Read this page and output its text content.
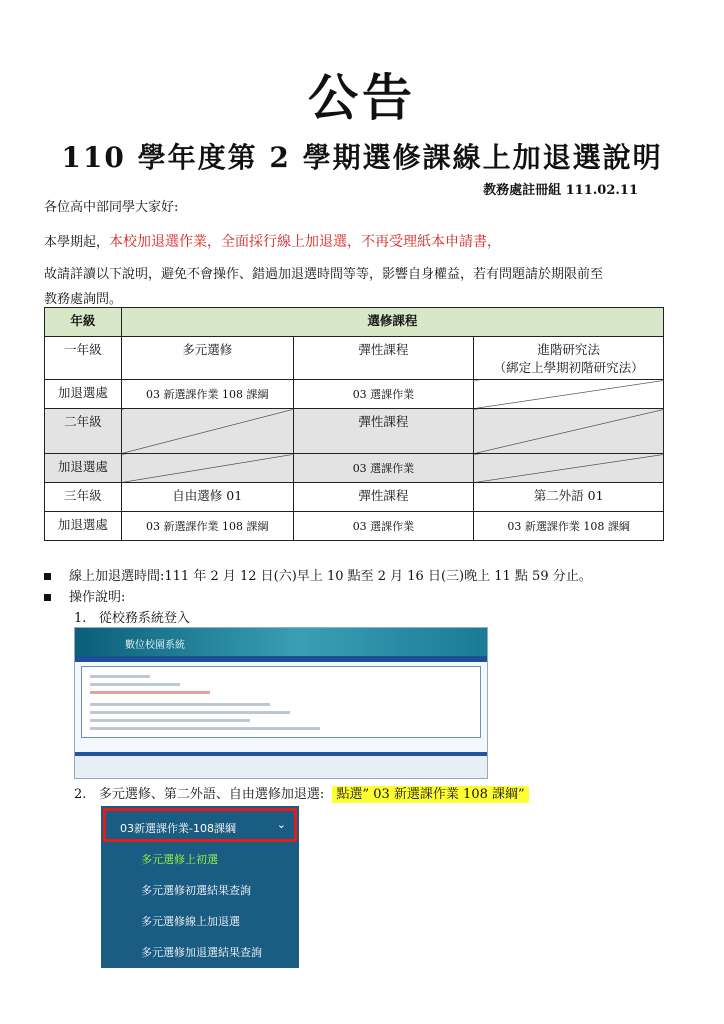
公告
110 學年度第 2 學期選修課線上加退選說明
教務處註冊組 111.02.11
各位高中部同學大家好:
本學期起，本校加退選作業，全面採行線上加退選，不再受理紙本申請書，
故請詳讀以下說明，避免不會操作、錯過加退選時間等等，影響自身權益，若有問題請於期限前至
教務處詢問。
年級	選修課程		
一年級	多元選修	彈性課程	進階研究法
（綁定上學期初階研究法）

加退選處	03 新選課作業 108 課綱	03 選課作業	
二年級		彈性課程	
加退選處		03 選課作業	
三年級	自由選修 01	彈性課程	第二外語 01
加退選處	03 新選課作業 108 課綱	03 選課作業	03 新選課作業 108 課綱
線上加退選時間:111 年 2 月 12 日(六)早上 10 點至 2 月 16 日(三)晚上 11 點 59 分止。
操作說明:
1. 從校務系統登入
數位校園系統
2. 多元選修、第二外語、自由選修加退選: 點選” 03 新選課作業 108 課綱”
03新選課作業-108課綱	⌄
多元選修上初選
多元選修初選結果查詢
多元選修線上加退選
多元選修加退選結果查詢
